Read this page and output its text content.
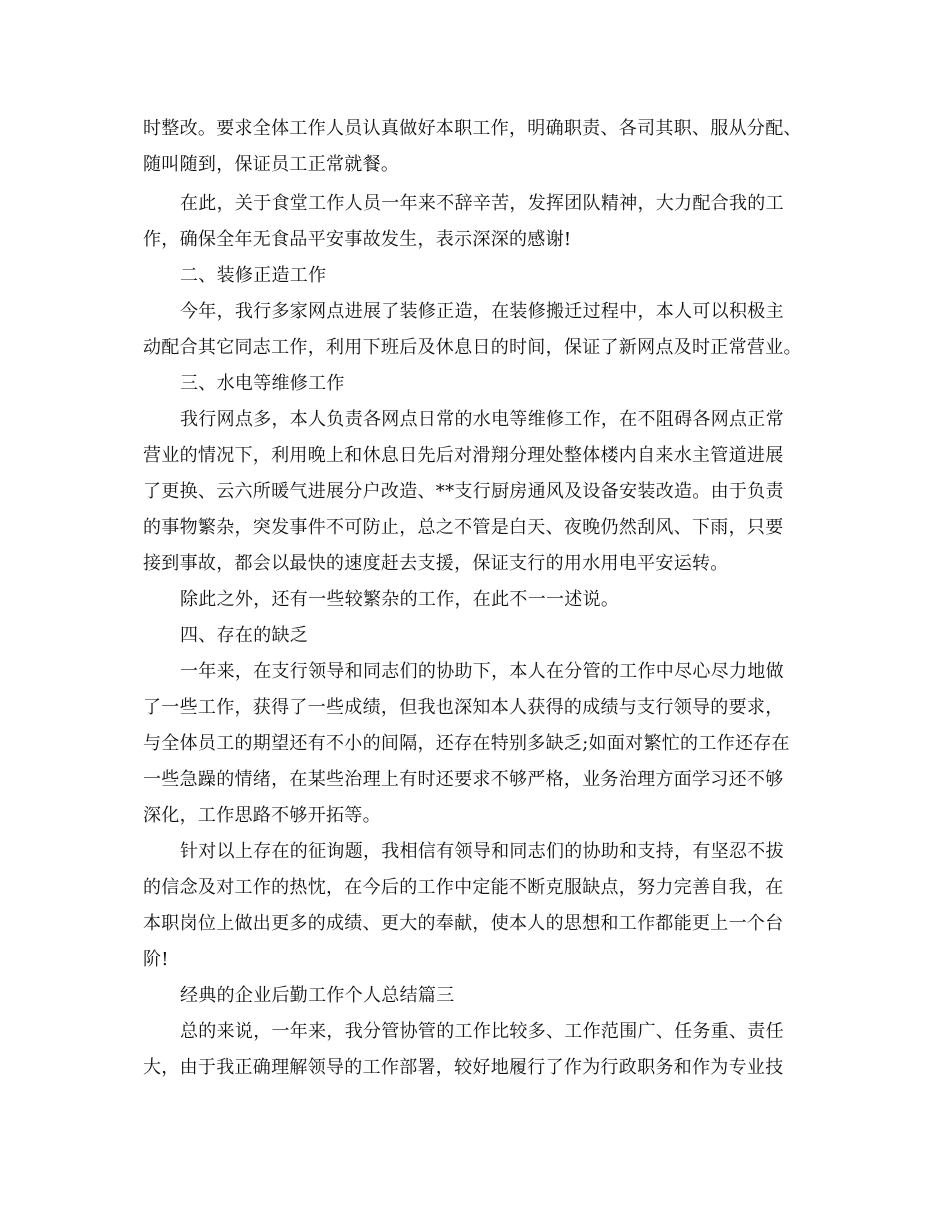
时整改。要求全体工作人员认真做好本职工作，明确职责、各司其职、服从分配、
随叫随到，保证员工正常就餐。
在此，关于食堂工作人员一年来不辞辛苦，发挥团队精神，大力配合我的工
作，确保全年无食品平安事故发生，表示深深的感谢!
二、装修正造工作
今年，我行多家网点进展了装修正造，在装修搬迁过程中，本人可以积极主
动配合其它同志工作，利用下班后及休息日的时间，保证了新网点及时正常营业。
三、水电等维修工作
我行网点多，本人负责各网点日常的水电等维修工作，在不阻碍各网点正常
营业的情况下，利用晚上和休息日先后对滑翔分理处整体楼内自来水主管道进展
了更换、云六所暖气进展分户改造、**支行厨房通风及设备安装改造。由于负责
的事物繁杂，突发事件不可防止，总之不管是白天、夜晚仍然刮风、下雨，只要
接到事故，都会以最快的速度赶去支援，保证支行的用水用电平安运转。
除此之外，还有一些较繁杂的工作，在此不一一述说。
四、存在的缺乏
一年来，在支行领导和同志们的协助下，本人在分管的工作中尽心尽力地做
了一些工作，获得了一些成绩，但我也深知本人获得的成绩与支行领导的要求，
与全体员工的期望还有不小的间隔，还存在特别多缺乏;如面对繁忙的工作还存在
一些急躁的情绪，在某些治理上有时还要求不够严格，业务治理方面学习还不够
深化，工作思路不够开拓等。
针对以上存在的征询题，我相信有领导和同志们的协助和支持，有坚忍不拔
的信念及对工作的热忱，在今后的工作中定能不断克服缺点，努力完善自我，在
本职岗位上做出更多的成绩、更大的奉献，使本人的思想和工作都能更上一个台
阶!
经典的企业后勤工作个人总结篇三
总的来说，一年来，我分管协管的工作比较多、工作范围广、任务重、责任
大，由于我正确理解领导的工作部署，较好地履行了作为行政职务和作为专业技
